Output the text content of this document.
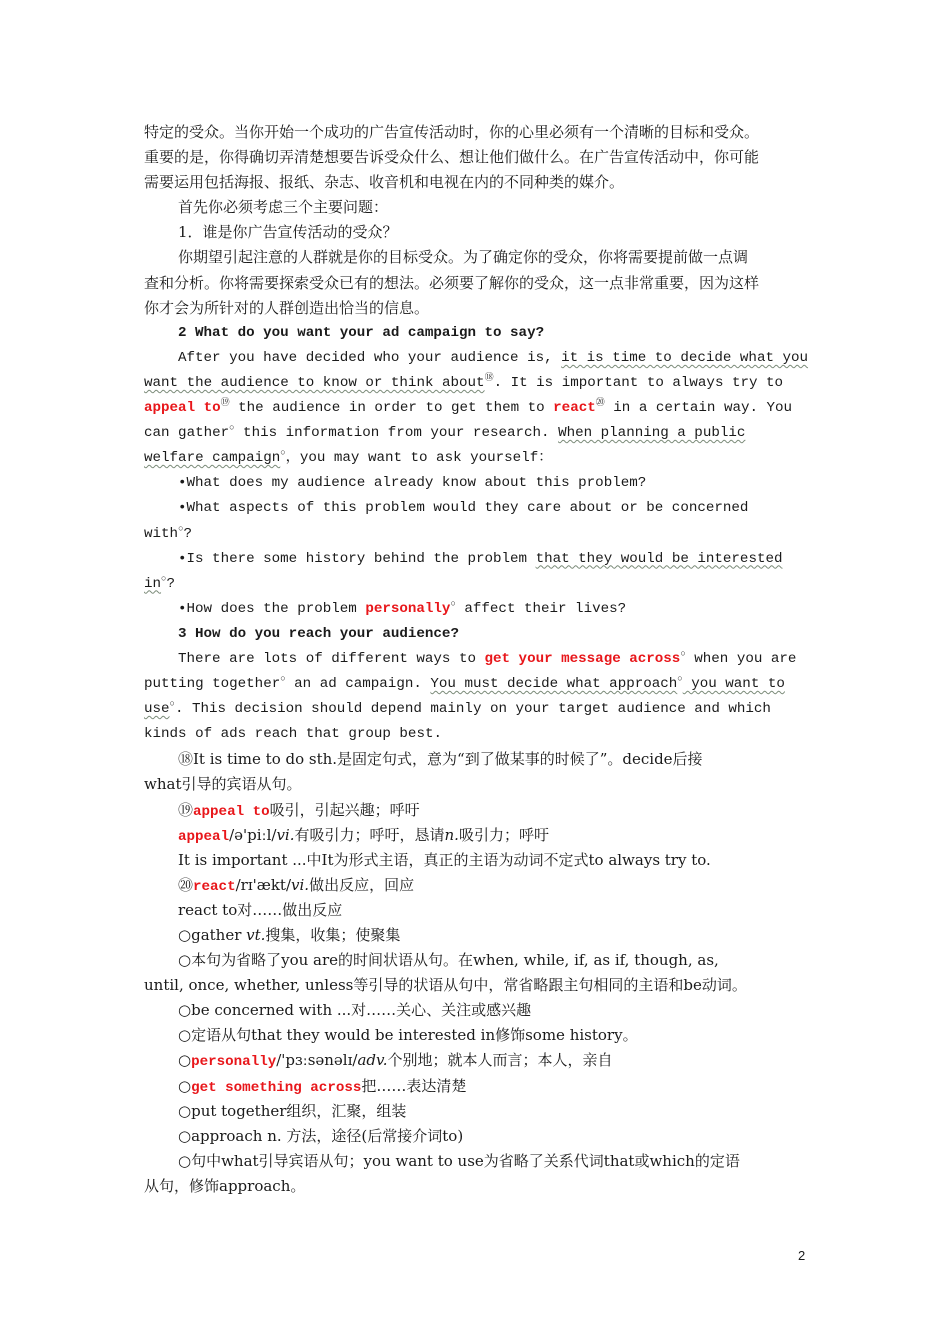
特定的受众。当你开始一个成功的广告宣传活动时，你的心里必须有一个清晰的目标和受众。
重要的是，你得确切弄清楚想要告诉受众什么、想让他们做什么。在广告宣传活动中，你可能
需要运用包括海报、报纸、杂志、收音机和电视在内的不同种类的媒介。
首先你必须考虑三个主要问题：
1．谁是你广告宣传活动的受众？
你期望引起注意的人群就是你的目标受众。为了确定你的受众，你将需要提前做一点调
查和分析。你将需要探索受众已有的想法。必须要了解你的受众，这一点非常重要，因为这样
你才会为所针对的人群创造出恰当的信息。
2 What do you want your ad campaign to say?
After you have decided who your audience is, it is time to decide what you
want the audience to know or think about⑱. It is important to always try to
appeal to⑲ the audience in order to get them to react⑳ in a certain way. You
can gather○ this information from your research. When planning a public
welfare campaign○，you may want to ask yourself：
•What does my audience already know about this problem?
•What aspects of this problem would they care about or be concerned
with○?
•Is there some history behind the problem that they would be interested
in○?
•How does the problem personally○ affect their lives?
3 How do you reach your audience?
There are lots of different ways to get your message across○ when you are
putting together○ an ad campaign. You must decide what approach○ you want to
use○. This decision should depend mainly on your target audience and which
kinds of ads reach that group best.
⑱It is time to do sth.是固定句式，意为“到了做某事的时候了”。decide后接
what引导的宾语从句。
⑲appeal to吸引，引起兴趣；呼吁
appeal/ə'piːl/vi.有吸引力；呼吁，恳请n.吸引力；呼吁
It is important ...中It为形式主语，真正的主语为动词不定式to always try to.
⑳react/rɪ'ækt/vi.做出反应，回应
react to对……做出反应
○gather vt.搜集，收集；使聚集
○本句为省略了you are的时间状语从句。在when, while, if, as if, though, as,
until, once, whether, unless等引导的状语从句中，常省略跟主句相同的主语和be动词。
○be concerned with ...对……关心、关注或感兴趣
○定语从句that they would be interested in修饰some history。
○personally/'pɜːsənəlɪ/adv.个别地；就本人而言；本人，亲自
○get something across把……表达清楚
○put together组织，汇聚，组装
○approach n. 方法，途径(后常接介词to)
○句中what引导宾语从句；you want to use为省略了关系代词that或which的定语
从句，修饰approach。
2
